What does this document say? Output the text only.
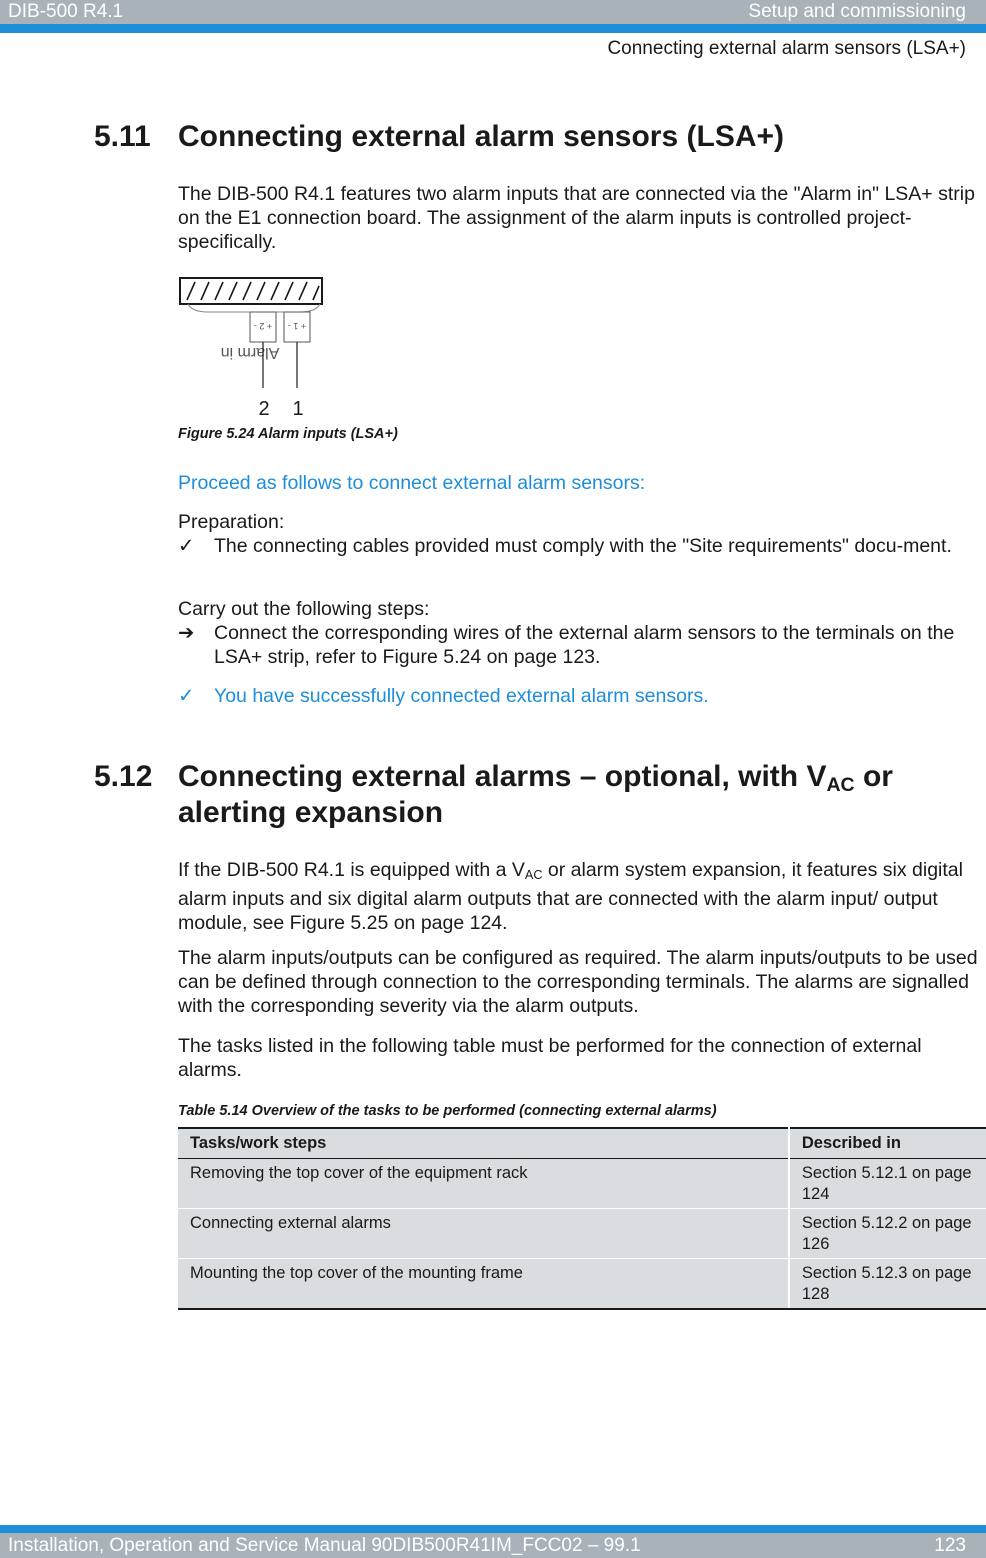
DIB-500 R4.1	Setup and commissioning
Connecting external alarm sensors (LSA+)
5.11 Connecting external alarm sensors (LSA+)
The DIB-500 R4.1 features two alarm inputs that are connected via the "Alarm in" LSA+ strip on the E1 connection board. The assignment of the alarm inputs is controlled project-specifically.
+ 2 - + 1 -
Alarm in
2 1
Figure 5.24 Alarm inputs (LSA+)
Proceed as follows to connect external alarm sensors:
Preparation:
✓	The connecting cables provided must comply with the "Site requirements" docu-ment.
Carry out the following steps:
➔	Connect the corresponding wires of the external alarm sensors to the terminals on the LSA+ strip, refer to Figure 5.24 on page 123.
✓	You have successfully connected external alarm sensors.
5.12 Connecting external alarms – optional, with $V_{AC}$ or
alerting expansion
If the DIB-500 R4.1 is equipped with a $V_{AC}$ or alarm system expansion, it features six digital alarm inputs and six digital alarm outputs that are connected with the alarm input/ output module, see Figure 5.25 on page 124.
The alarm inputs/outputs can be configured as required. The alarm inputs/outputs to be used can be defined through connection to the corresponding terminals. The alarms are signalled with the corresponding severity via the alarm outputs.
The tasks listed in the following table must be performed for the connection of external alarms.
Table 5.14 Overview of the tasks to be performed (connecting external alarms)
Tasks/work steps	Described in
Removing the top cover of the equipment rack	Section 5.12.1 on page 124
Connecting external alarms	Section 5.12.2 on page 126
Mounting the top cover of the mounting frame	Section 5.12.3 on page 128
Installation, Operation and Service Manual 90DIB500R41IM_FCC02 – 99.1	123
